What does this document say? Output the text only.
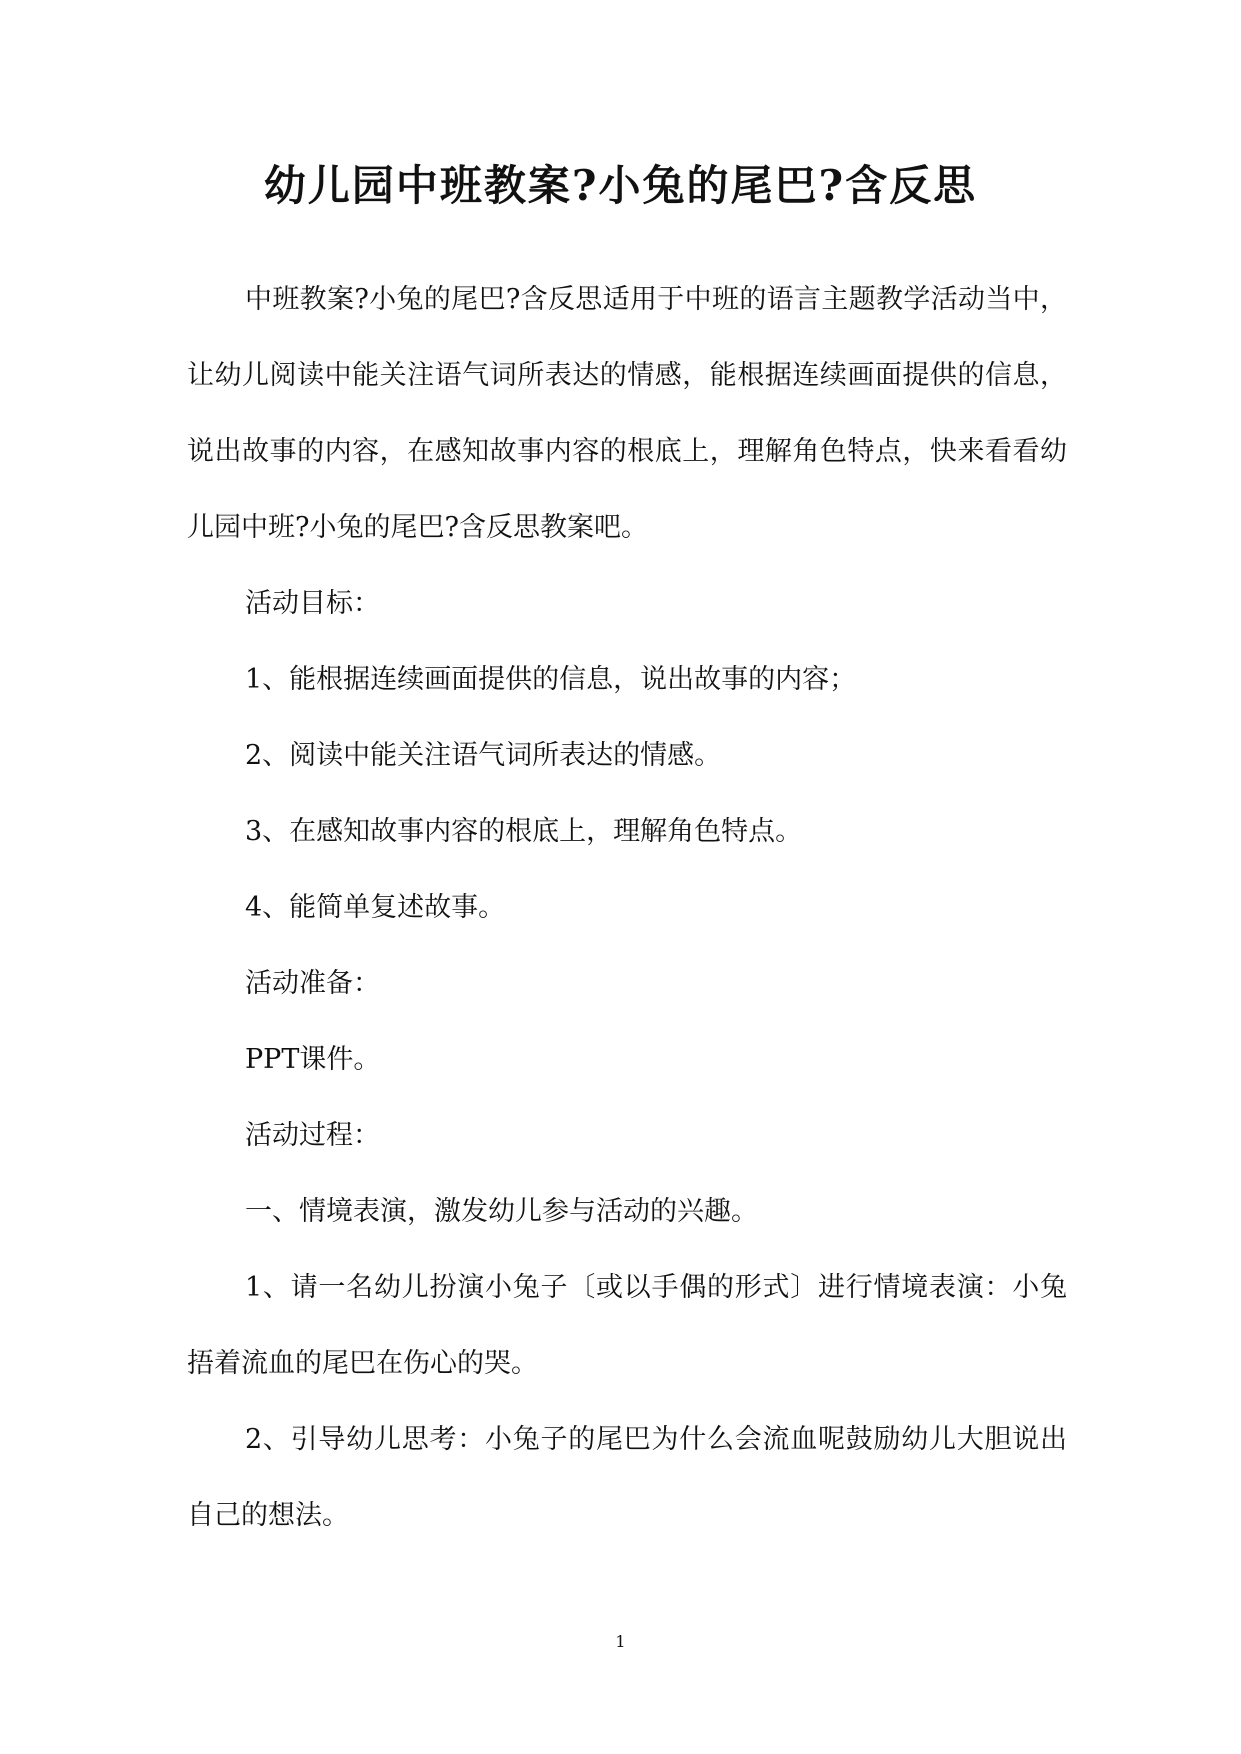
幼儿园中班教案?小兔的尾巴?含反思

中班教案?小兔的尾巴?含反思适用于中班的语言主题教学活动当中，让幼儿阅读中能关注语气词所表达的情感，能根据连续画面提供的信息，说出故事的内容，在感知故事内容的根底上，理解角色特点，快来看看幼儿园中班?小兔的尾巴?含反思教案吧。

活动目标：

1、能根据连续画面提供的信息，说出故事的内容；

2、阅读中能关注语气词所表达的情感。

3、在感知故事内容的根底上，理解角色特点。

4、能简单复述故事。

活动准备：

PPT课件。

活动过程：

一、情境表演，激发幼儿参与活动的兴趣。

1、请一名幼儿扮演小兔子〔或以手偶的形式〕进行情境表演：小兔捂着流血的尾巴在伤心的哭。

2、引导幼儿思考：小兔子的尾巴为什么会流血呢鼓励幼儿大胆说出自己的想法。

1
